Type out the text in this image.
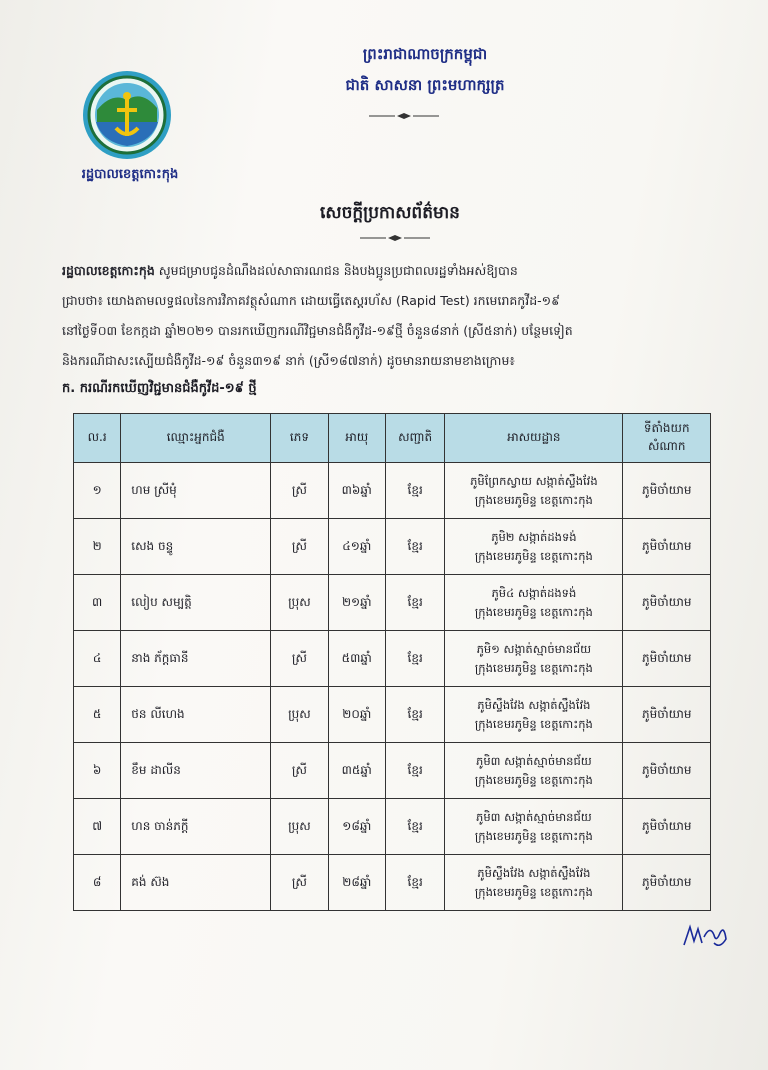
រដ្ឋបាលខេត្តកោះកុង
ព្រះរាជាណាចក្រកម្ពុជា
ជាតិ សាសនា ព្រះមហាក្សត្រ
សេចក្ដីប្រកាសព័ត៌មាន
រដ្ឋបាលខេត្តកោះកុង សូមជម្រាបជូនដំណឹងដល់សាធារណជន និងបងប្អូនប្រជាពលរដ្ឋទាំងអស់ឱ្យបាន
ជ្រាបថា៖ យោងតាមលទ្ធផលនៃការវិភាគវត្ថុសំណាក ដោយធ្វើតេស្តរហ័ស (Rapid Test) រកមេរោគកូវីដ-១៩
នៅថ្ងៃទី០៣ ខែកក្កដា ឆ្នាំ២០២១ បានរកឃើញករណីវិជ្ជមានជំងឺកូវីដ-១៩ថ្មី ចំនួន៨នាក់ (ស្រី៥នាក់) បន្ថែមទៀត
និងករណីជាសះស្បើយជំងឺកូវីដ-១៩ ចំនួន៣១៩ នាក់ (ស្រី១៨៧នាក់) ដូចមានរាយនាមខាងក្រោម៖
ក. ករណីរកឃើញវិជ្ជមានជំងឺកូវីដ-១៩ ថ្មី
ល.រ	ឈ្មោះអ្នកជំងឺ	ភេទ	អាយុ	សញ្ជាតិ	អាសយដ្ឋាន	ទីតាំងយកសំណាក
១	ហម ស្រីមុំ	ស្រី	៣៦ឆ្នាំ	ខ្មែរ	ភូមិព្រែកស្វាយ សង្កាត់ស្ទឹងវែង
ក្រុងខេមរភូមិន្ទ ខេត្តកោះកុង	ភូមិចាំយាម
២	សេង ចន្ទូ	ស្រី	៤១ឆ្នាំ	ខ្មែរ	ភូមិ២ សង្កាត់ដងទង់
ក្រុងខេមរភូមិន្ទ ខេត្តកោះកុង	ភូមិចាំយាម
៣	លៀប សម្បត្តិ	ប្រុស	២១ឆ្នាំ	ខ្មែរ	ភូមិ៤ សង្កាត់ដងទង់
ក្រុងខេមរភូមិន្ទ ខេត្តកោះកុង	ភូមិចាំយាម
៤	នាង ភ័ក្ដធានី	ស្រី	៥៣ឆ្នាំ	ខ្មែរ	ភូមិ១ សង្កាត់ស្មាច់មានជ័យ
ក្រុងខេមរភូមិន្ទ ខេត្តកោះកុង	ភូមិចាំយាម
៥	ថន លីហេង	ប្រុស	២០ឆ្នាំ	ខ្មែរ	ភូមិស្ទឹងវែង សង្កាត់ស្ទឹងវែង
ក្រុងខេមរភូមិន្ទ ខេត្តកោះកុង	ភូមិចាំយាម
៦	ខឹម ដាលីន	ស្រី	៣៥ឆ្នាំ	ខ្មែរ	ភូមិ៣ សង្កាត់ស្មាច់មានជ័យ
ក្រុងខេមរភូមិន្ទ ខេត្តកោះកុង	ភូមិចាំយាម
៧	ហន ចាន់ភក្តី	ប្រុស	១៨ឆ្នាំ	ខ្មែរ	ភូមិ៣ សង្កាត់ស្មាច់មានជ័យ
ក្រុងខេមរភូមិន្ទ ខេត្តកោះកុង	ភូមិចាំយាម
៨	គង់ ស៊ង	ស្រី	២៨ឆ្នាំ	ខ្មែរ	ភូមិស្ទឹងវែង សង្កាត់ស្ទឹងវែង
ក្រុងខេមរភូមិន្ទ ខេត្តកោះកុង	ភូមិចាំយាម
